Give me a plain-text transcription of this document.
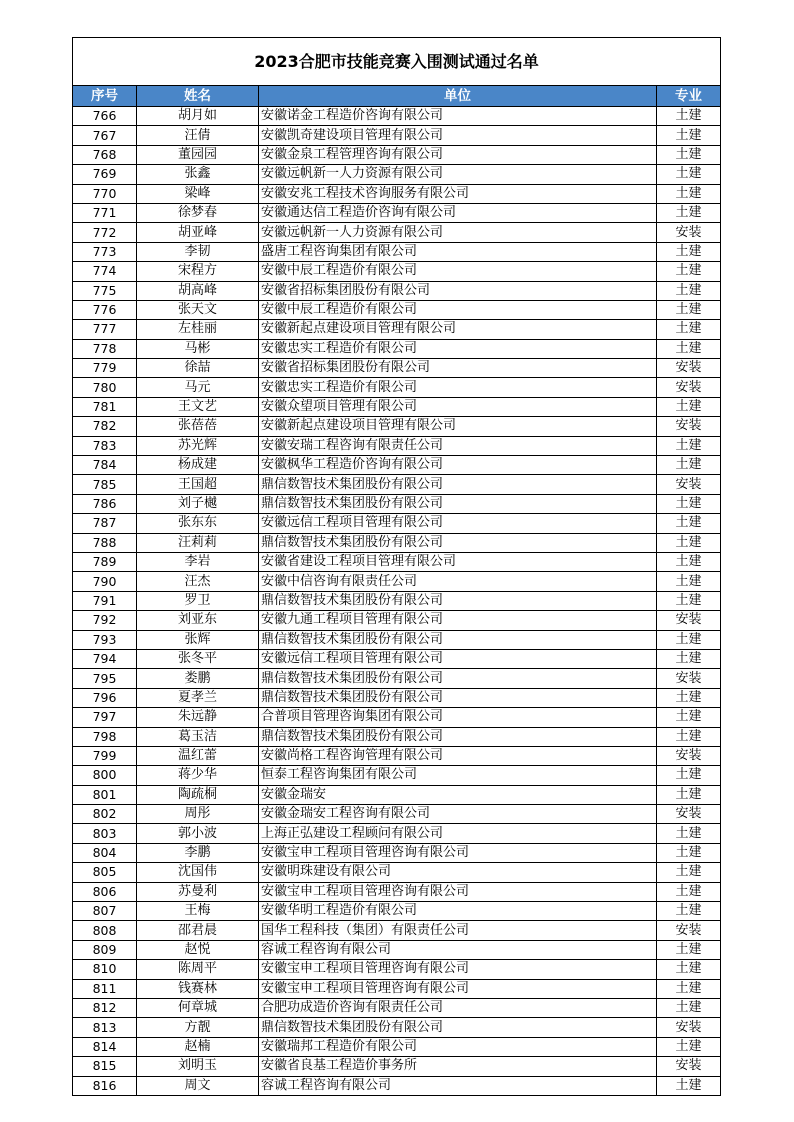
2023合肥市技能竞赛入围测试通过名单			
序号	姓名	单位	专业
766	胡月如	安徽诺金工程造价咨询有限公司	土建
767	汪倩	安徽凯奇建设项目管理有限公司	土建
768	董园园	安徽金泉工程管理咨询有限公司	土建
769	张鑫	安徽远帆新一人力资源有限公司	土建
770	梁峰	安徽安兆工程技术咨询服务有限公司	土建
771	徐梦春	安徽通达信工程造价咨询有限公司	土建
772	胡亚峰	安徽远帆新一人力资源有限公司	安装
773	李韧	盛唐工程咨询集团有限公司	土建
774	宋程方	安徽中辰工程造价有限公司	土建
775	胡高峰	安徽省招标集团股份有限公司	土建
776	张天文	安徽中辰工程造价有限公司	土建
777	左桂丽	安徽新起点建设项目管理有限公司	土建
778	马彬	安徽忠实工程造价有限公司	土建
779	徐喆	安徽省招标集团股份有限公司	安装
780	马元	安徽忠实工程造价有限公司	安装
781	王文艺	安徽众望项目管理有限公司	土建
782	张蓓蓓	安徽新起点建设项目管理有限公司	安装
783	苏光辉	安徽安瑞工程咨询有限责任公司	土建
784	杨成建	安徽枫华工程造价咨询有限公司	土建
785	王国超	鼎信数智技术集团股份有限公司	安装
786	刘子樾	鼎信数智技术集团股份有限公司	土建
787	张东东	安徽远信工程项目管理有限公司	土建
788	汪莉莉	鼎信数智技术集团股份有限公司	土建
789	李岩	安徽省建设工程项目管理有限公司	土建
790	汪杰	安徽中信咨询有限责任公司	土建
791	罗卫	鼎信数智技术集团股份有限公司	土建
792	刘亚东	安徽九通工程项目管理有限公司	安装
793	张辉	鼎信数智技术集团股份有限公司	土建
794	张冬平	安徽远信工程项目管理有限公司	土建
795	娄鹏	鼎信数智技术集团股份有限公司	安装
796	夏孝兰	鼎信数智技术集团股份有限公司	土建
797	朱远静	合普项目管理咨询集团有限公司	土建
798	葛玉洁	鼎信数智技术集团股份有限公司	土建
799	温红蕾	安徽尚格工程咨询管理有限公司	安装
800	蒋少华	恒泰工程咨询集团有限公司	土建
801	陶疏桐	安徽金瑞安	土建
802	周彤	安徽金瑞安工程咨询有限公司	安装
803	郭小波	上海正弘建设工程顾问有限公司	土建
804	李鹏	安徽宝申工程项目管理咨询有限公司	土建
805	沈国伟	安徽明珠建设有限公司	土建
806	苏曼利	安徽宝申工程项目管理咨询有限公司	土建
807	王梅	安徽华明工程造价有限公司	土建
808	邵君晨	国华工程科技（集团）有限责任公司	安装
809	赵悦	容诚工程咨询有限公司	土建
810	陈周平	安徽宝申工程项目管理咨询有限公司	土建
811	钱赛林	安徽宝申工程项目管理咨询有限公司	土建
812	何章城	合肥功成造价咨询有限责任公司	土建
813	方靓	鼎信数智技术集团股份有限公司	安装
814	赵楠	安徽瑞邦工程造价有限公司	土建
815	刘明玉	安徽省良基工程造价事务所	安装
816	周文	容诚工程咨询有限公司	土建
